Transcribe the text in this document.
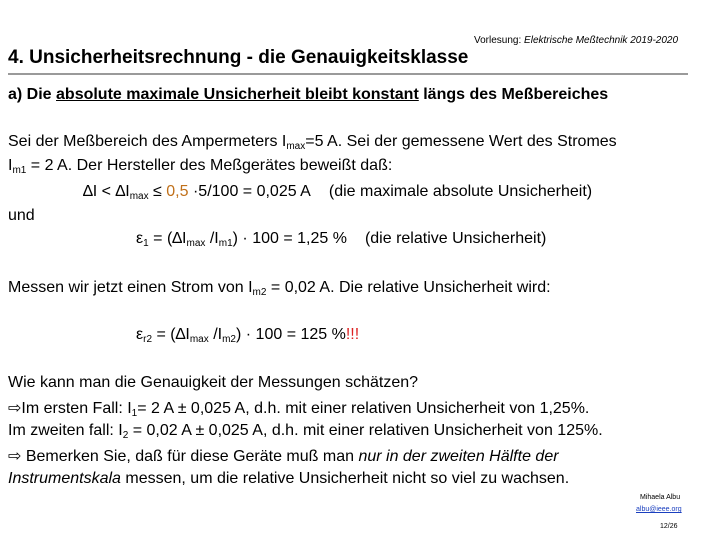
Vorlesung: Elektrische Meßtechnik 2019-2020
4. Unsicherheitsrechnung - die Genauigkeitsklasse
a) Die absolute maximale Unsicherheit bleibt konstant längs des Meßbereiches
Sei der Meßbereich des Ampermeters $I_{max}=5$ A. Sei der gemessene Wert des Stromes
$I_{m1} = 2$ A. Der Hersteller des Meßgerätes beweißt daß:
$\Delta I < \Delta I_{max} \le 0,5 \cdot 5/100 = 0,025$ A (die maximale absolute Unsicherheit)
und
$\varepsilon_1 = (\Delta I_{max}$ $/I_{m1}) \cdot 100 = 1,25$ % (die relative Unsicherheit)
Messen wir jetzt einen Strom von $I_{m2} = 0,02$ A. Die relative Unsicherheit wird:
$\varepsilon_{r2} = (\Delta I_{max}$ $/I_{m2}) \cdot 100 = 125$ %!!!
Wie kann man die Genauigkeit der Messungen schätzen?
⇨Im ersten Fall: $I_1= 2$ A ± 0,025 A, d.h. mit einer relativen Unsicherheit von 1,25%.
Im zweiten fall: $I_2 = 0,02$ A ± 0,025 A, d.h. mit einer relativen Unsicherheit von 125%.
⇨ Bemerken Sie, daß für diese Geräte muß man nur in der zweiten Hälfte der
Instrumentskala messen, um die relative Unsicherheit nicht so viel zu wachsen.
Mihaela Albu
albu@ieee.org
12/26
